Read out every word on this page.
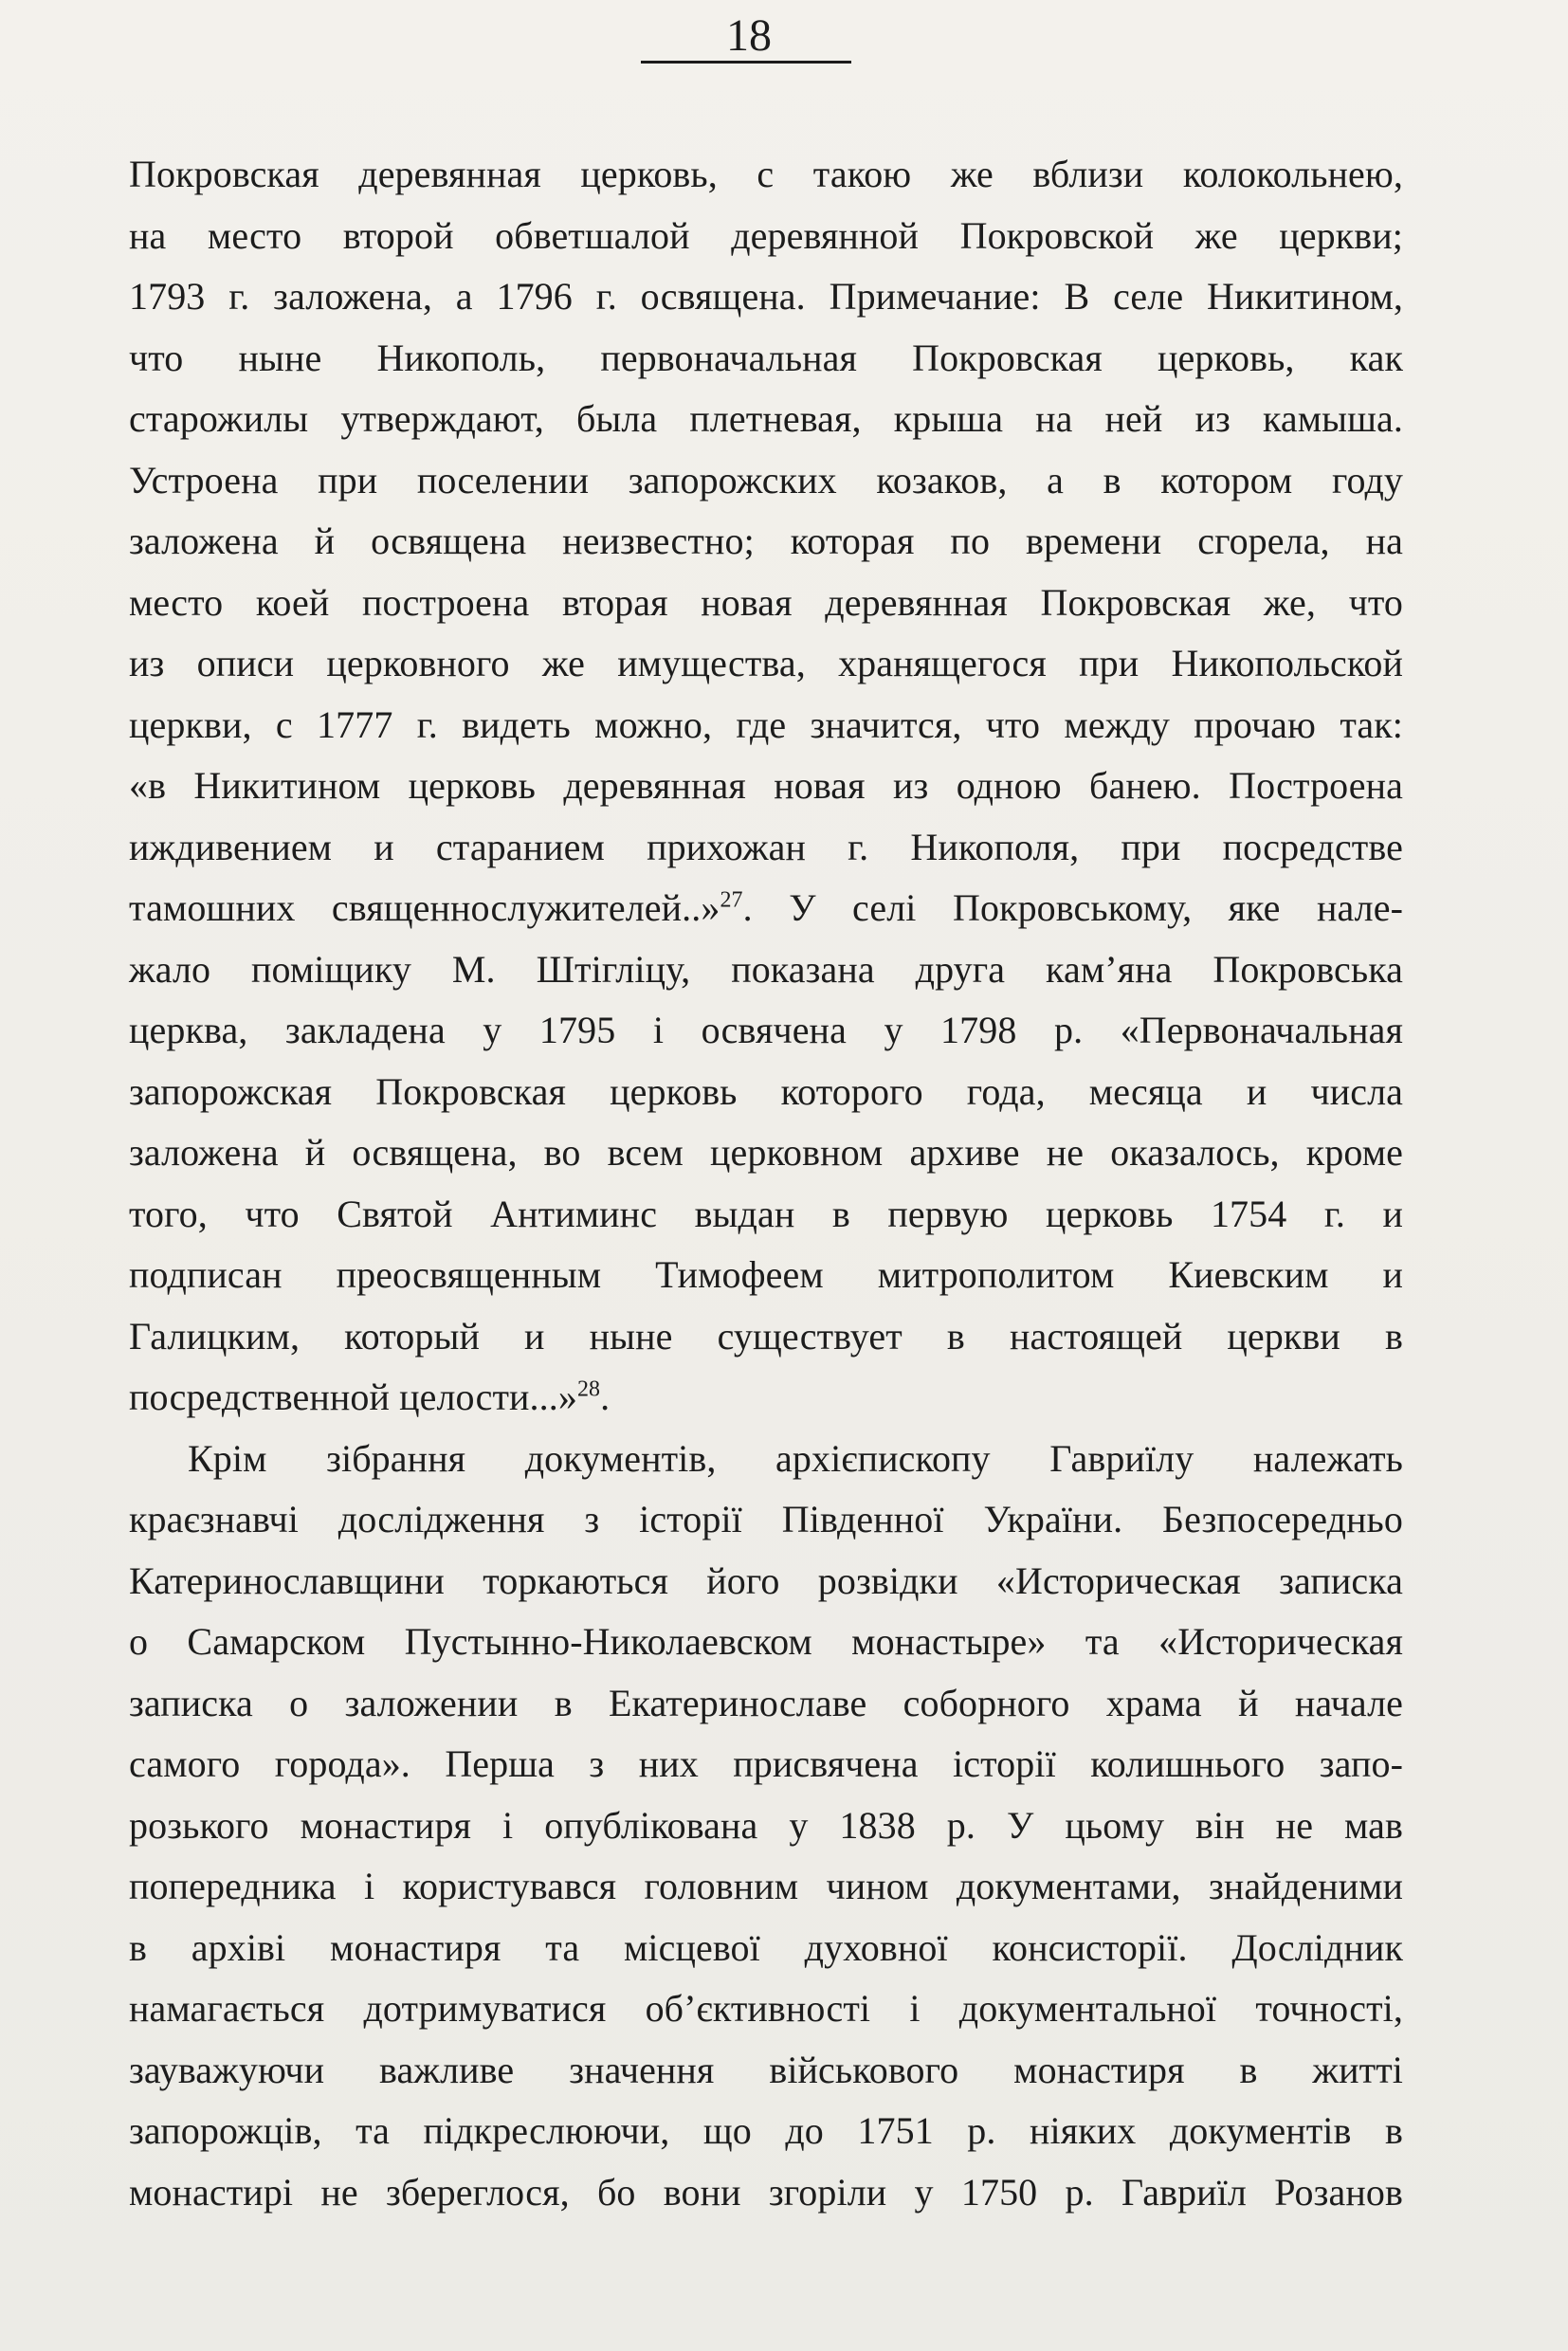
18
Покровская деревянная церковь, с такою же вблизи колокольнею,
на место второй обветшалой деревянной Покровской же церкви;
1793 г. заложена, а 1796 г. освящена. Примечание: В селе Никитином,
что ныне Никополь, первоначальная Покровская церковь, как
старожилы утверждают, была плетневая, крыша на ней из камыша.
Устроена при поселении запорожских козаков, а в котором году
заложена й освящена неизвестно; которая по времени сгорела, на
место коей построена вторая новая деревянная Покровская же, что
из описи церковного же имущества, хранящегося при Никопольской
церкви, с 1777 г. видеть можно, где значится, что между прочаю так:
«в Никитином церковь деревянная новая из одною банею. Построена
иждивением и старанием прихожан г. Никополя, при посредстве
тамошних священнослужителей..»$^{27}$. У селі Покровському, яке нале-
жало поміщику М. Штігліцу, показана друга кам’яна Покровська
церква, закладена у 1795 і освячена у 1798 р. «Первоначальная
запорожская Покровская церковь которого года, месяца и числа
заложена й освящена, во всем церковном архиве не оказалось, кроме
того, что Святой Антиминс выдан в первую церковь 1754 г. и
подписан преосвященным Тимофеем митрополитом Киевским и
Галицким, который и ныне существует в настоящей церкви в
посредственной целости...»$^{28}$.
Крім зібрання документів, архієпископу Гавриїлу належать
краєзнавчі дослідження з історії Південної України. Безпосередньо
Катеринославщини торкаються його розвідки «Историческая записка
о Самарском Пустынно-Николаевском монастыре» та «Историческая
записка о заложении в Екатеринославе соборного храма й начале
самого города». Перша з них присвячена історії колишнього запо-
розького монастиря і опублікована у 1838 р. У цьому він не мав
попередника і користувався головним чином документами, знайденими
в архіві монастиря та місцевої духовної консисторії. Дослідник
намагається дотримуватися об’єктивності і документальної точності,
зауважуючи важливе значення військового монастиря в житті
запорожців, та підкреслюючи, що до 1751 р. ніяких документів в
монастирі не збереглося, бо вони згоріли у 1750 р. Гавриїл Розанов
